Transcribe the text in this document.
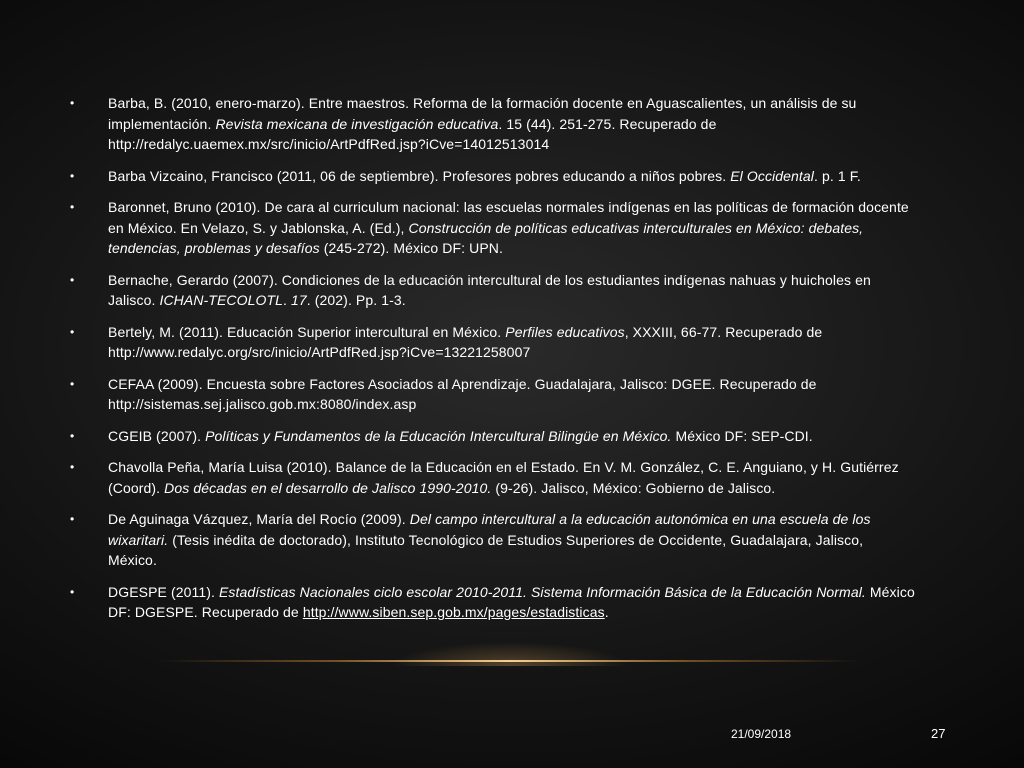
• Barba, B. (2010, enero-marzo). Entre maestros. Reforma de la formación docente en Aguascalientes, un análisis de su implementación. Revista mexicana de investigación educativa. 15 (44). 251-275. Recuperado de http://redalyc.uaemex.mx/src/inicio/ArtPdfRed.jsp?iCve=14012513014
• Barba Vizcaino, Francisco (2011, 06 de septiembre). Profesores pobres educando a niños pobres. El Occidental. p. 1 F.
• Baronnet, Bruno (2010). De cara al curriculum nacional: las escuelas normales indígenas en las políticas de formación docente en México. En Velazo, S. y Jablonska, A. (Ed.), Construcción de políticas educativas interculturales en México: debates, tendencias, problemas y desafíos (245-272). México DF: UPN.
• Bernache, Gerardo (2007). Condiciones de la educación intercultural de los estudiantes indígenas nahuas y huicholes en Jalisco. ICHAN-TECOLOTL. 17. (202). Pp. 1-3.
• Bertely, M. (2011). Educación Superior intercultural en México. Perfiles educativos, XXXIII, 66-77. Recuperado de http://www.redalyc.org/src/inicio/ArtPdfRed.jsp?iCve=13221258007
• CEFAA (2009). Encuesta sobre Factores Asociados al Aprendizaje. Guadalajara, Jalisco: DGEE. Recuperado de http://sistemas.sej.jalisco.gob.mx:8080/index.asp
• CGEIB (2007). Políticas y Fundamentos de la Educación Intercultural Bilingüe en México. México DF: SEP-CDI.
• Chavolla Peña, María Luisa (2010). Balance de la Educación en el Estado. En V. M. González, C. E. Anguiano, y H. Gutiérrez (Coord). Dos décadas en el desarrollo de Jalisco 1990-2010. (9-26). Jalisco, México: Gobierno de Jalisco.
• De Aguinaga Vázquez, María del Rocío (2009). Del campo intercultural a la educación autonómica en una escuela de los wixaritari. (Tesis inédita de doctorado), Instituto Tecnológico de Estudios Superiores de Occidente, Guadalajara, Jalisco, México.
• DGESPE (2011). Estadísticas Nacionales ciclo escolar 2010-2011. Sistema Información Básica de la Educación Normal. México DF: DGESPE. Recuperado de http://www.siben.sep.gob.mx/pages/estadisticas.
21/09/2018	27
